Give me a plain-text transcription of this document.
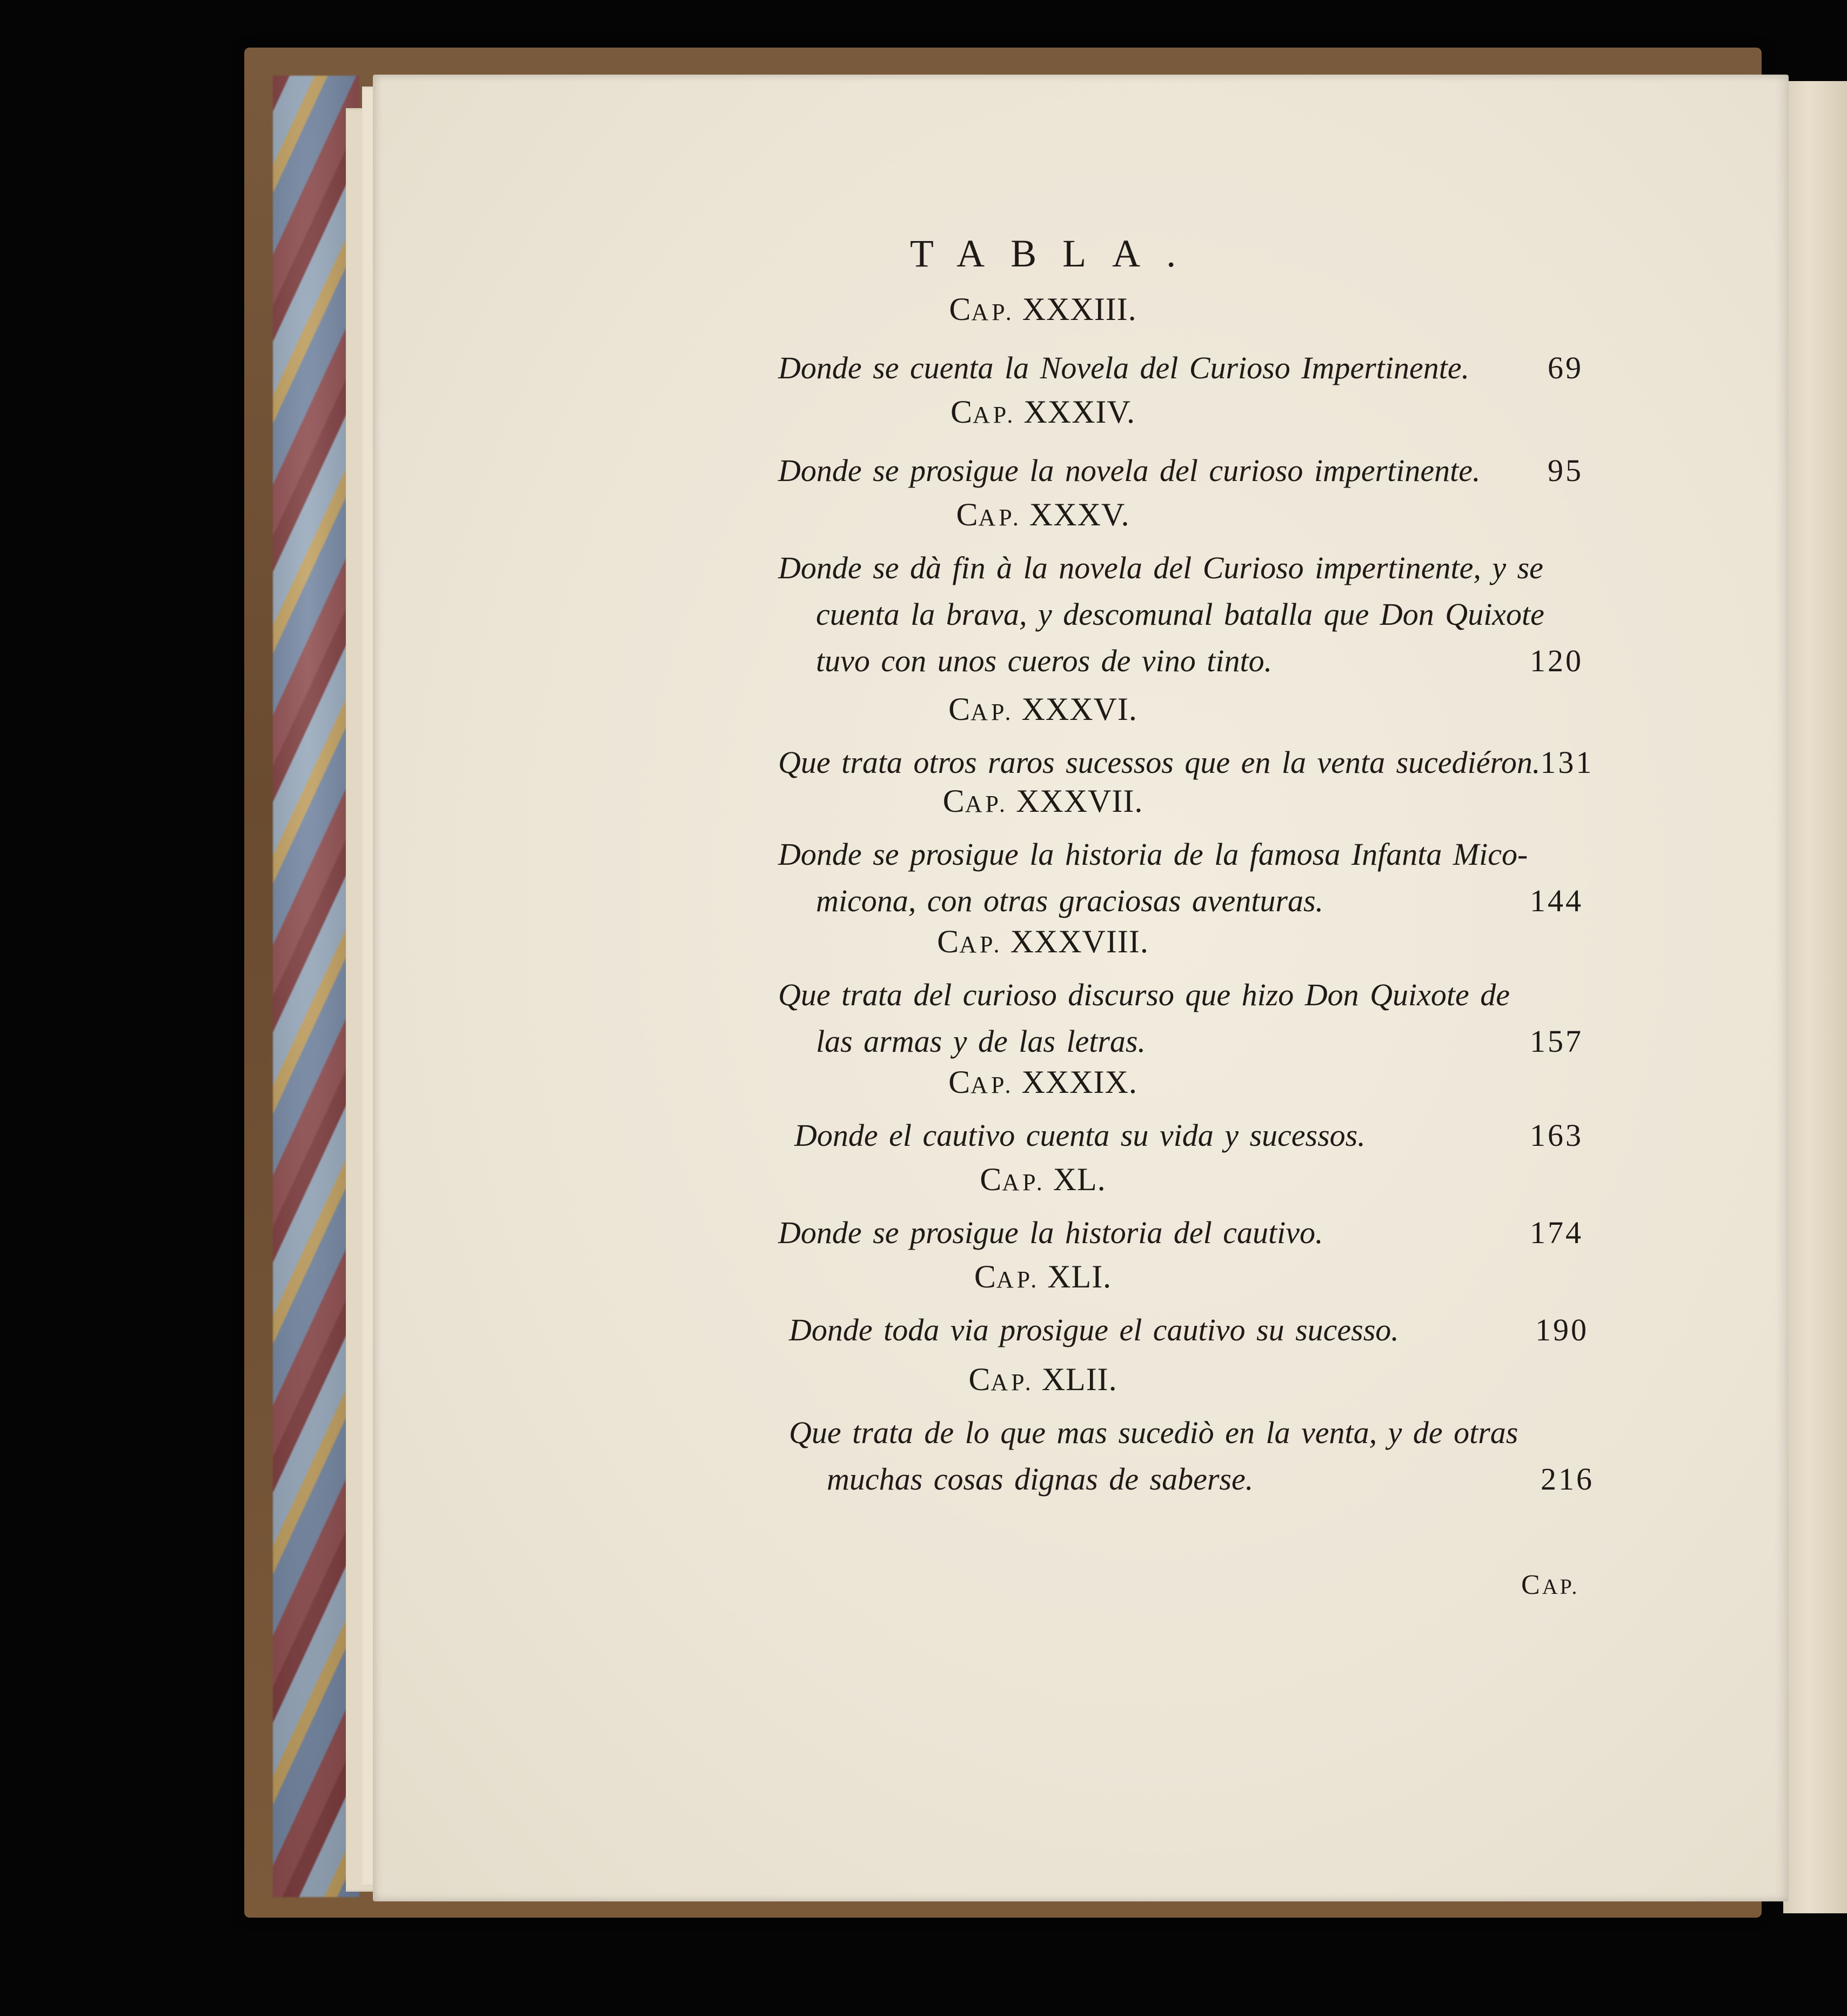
TABLA.
CAP. XXXIII.
Donde se cuenta la Novela del Curioso Impertinente. 69
CAP. XXXIV.
Donde se prosigue la novela del curioso impertinente. 95
CAP. XXXV.
Donde se dà fin à la novela del Curioso impertinente, y se
cuenta la brava, y descomunal batalla que Don Quixote
tuvo con unos cueros de vino tinto.	120
CAP. XXXVI.
Que trata otros raros sucessos que en la venta sucediéron. 131
CAP. XXXVII.
Donde se prosigue la historia de la famosa Infanta Mico-
micona, con otras graciosas aventuras.	144
CAP. XXXVIII.
Que trata del curioso discurso que hizo Don Quixote de
las armas y de las letras.	157
CAP. XXXIX.
Donde el cautivo cuenta su vida y sucessos.	163
CAP. XL.
Donde se prosigue la historia del cautivo.	174
CAP. XLI.
Donde toda via prosigue el cautivo su sucesso.	190
CAP. XLII.
Que trata de lo que mas sucediò en la venta, y de otras
muchas cosas dignas de saberse.	216
CAP.
